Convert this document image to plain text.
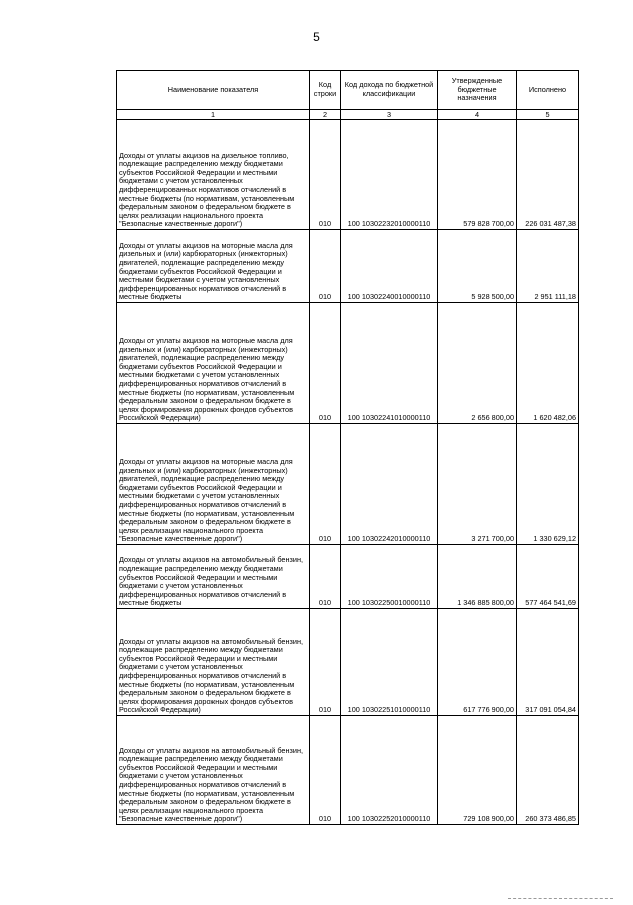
5
Наименование показателя	Код строки	Код дохода по бюджетной классификации	Утвержденные бюджетные назначения	Исполнено
1	2	3	4	5
Доходы от уплаты акцизов на дизельное топливо, подлежащие распределению между бюджетами субъектов Российской Федерации и местными бюджетами с учетом установленных дифференцированных нормативов отчислений в местные бюджеты (по нормативам, установленным федеральным законом о федеральном бюджете в целях реализации национального проекта "Безопасные качественные дороги")	010	100 10302232010000110	579 828 700,00	226 031 487,38
Доходы от уплаты акцизов на моторные масла для дизельных и (или) карбюраторных (инжекторных) двигателей, подлежащие распределению между бюджетами субъектов Российской Федерации и местными бюджетами с учетом установленных дифференцированных нормативов отчислений в местные бюджеты	010	100 10302240010000110	5 928 500,00	2 951 111,18
Доходы от уплаты акцизов на моторные масла для дизельных и (или) карбюраторных (инжекторных) двигателей, подлежащие распределению между бюджетами субъектов Российской Федерации и местными бюджетами с учетом установленных дифференцированных нормативов отчислений в местные бюджеты (по нормативам, установленным федеральным законом о федеральном бюджете в целях формирования дорожных фондов субъектов Российской Федерации)	010	100 10302241010000110	2 656 800,00	1 620 482,06
Доходы от уплаты акцизов на моторные масла для дизельных и (или) карбюраторных (инжекторных) двигателей, подлежащие распределению между бюджетами субъектов Российской Федерации и местными бюджетами с учетом установленных дифференцированных нормативов отчислений в местные бюджеты (по нормативам, установленным федеральным законом о федеральном бюджете в целях реализации национального проекта "Безопасные качественные дороги")	010	100 10302242010000110	3 271 700,00	1 330 629,12
Доходы от уплаты акцизов на автомобильный бензин, подлежащие распределению между бюджетами субъектов Российской Федерации и местными бюджетами с учетом установленных дифференцированных нормативов отчислений в местные бюджеты	010	100 10302250010000110	1 346 885 800,00	577 464 541,69
Доходы от уплаты акцизов на автомобильный бензин, подлежащие распределению между бюджетами субъектов Российской Федерации и местными бюджетами с учетом установленных дифференцированных нормативов отчислений в местные бюджеты (по нормативам, установленным федеральным законом о федеральном бюджете в целях формирования дорожных фондов субъектов Российской Федерации)	010	100 10302251010000110	617 776 900,00	317 091 054,84
Доходы от уплаты акцизов на автомобильный бензин, подлежащие распределению между бюджетами субъектов Российской Федерации и местными бюджетами с учетом установленных дифференцированных нормативов отчислений в местные бюджеты (по нормативам, установленным федеральным законом о федеральном бюджете в целях реализации национального проекта "Безопасные качественные дороги")	010	100 10302252010000110	729 108 900,00	260 373 486,85
